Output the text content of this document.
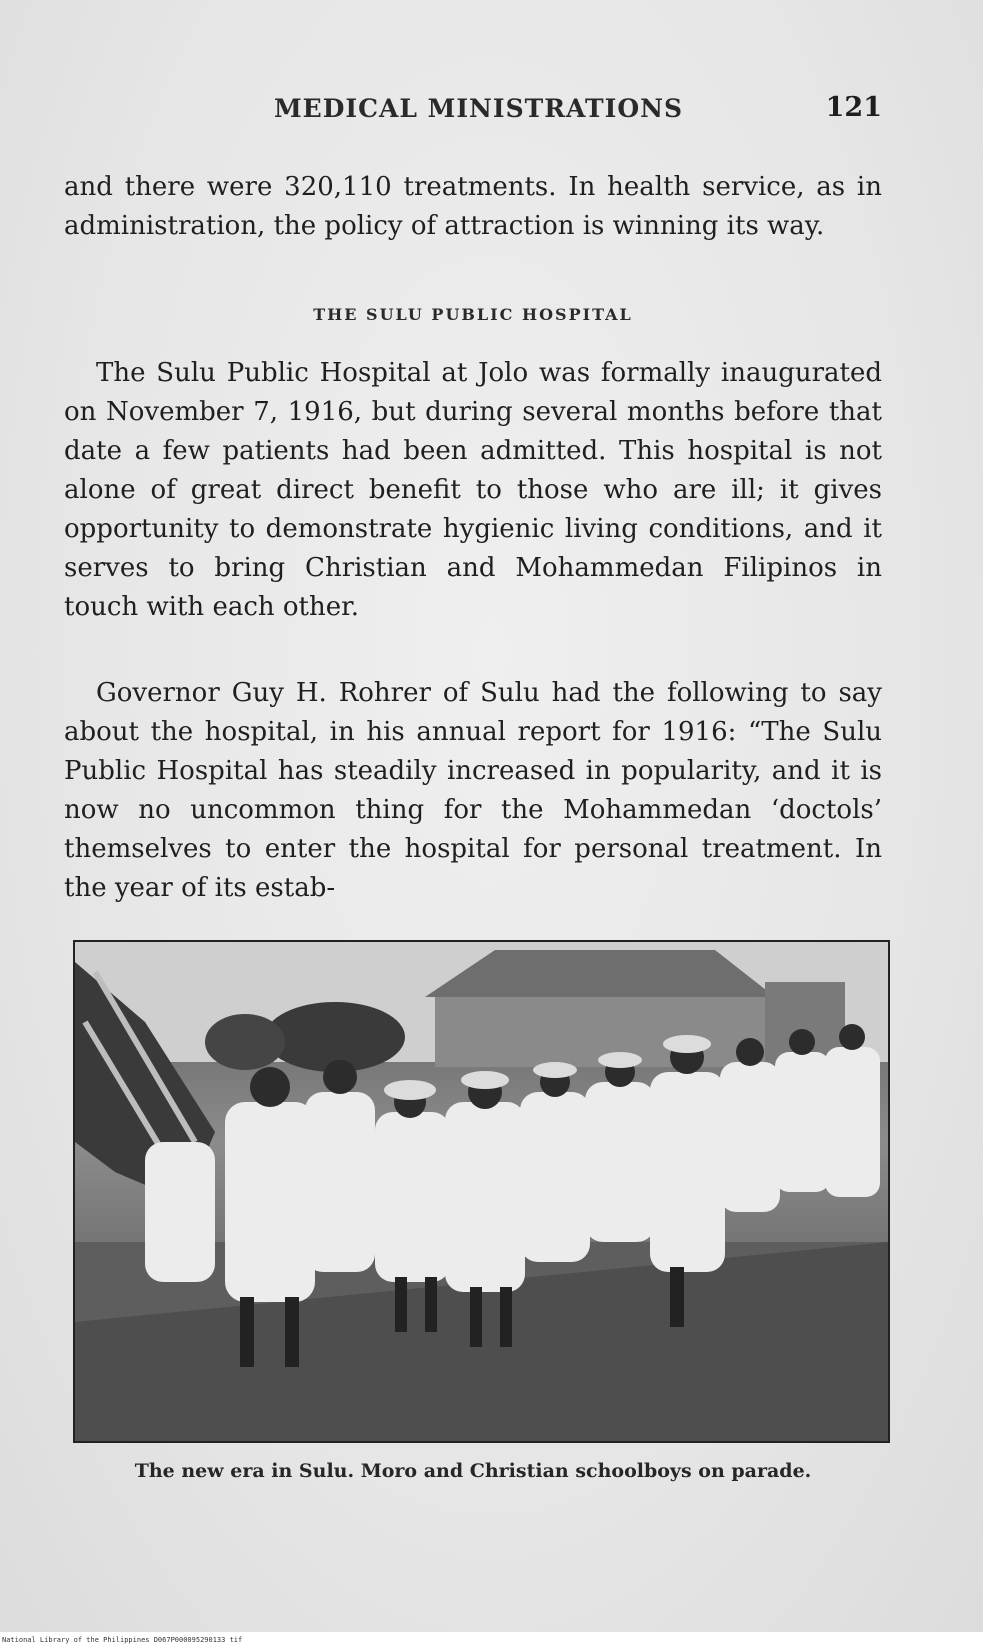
MEDICAL MINISTRATIONS	121

and there were 320,110 treatments. In health service, as in administration, the policy of attraction is winning its way.

THE SULU PUBLIC HOSPITAL

The Sulu Public Hospital at Jolo was formally inaugurated on November 7, 1916, but during several months before that date a few patients had been admitted. This hospital is not alone of great direct benefit to those who are ill; it gives opportunity to demonstrate hygienic living conditions, and it serves to bring Christian and Mohammedan Filipinos in touch with each other.

Governor Guy H. Rohrer of Sulu had the following to say about the hospital, in his annual report for 1916: “The Sulu Public Hospital has steadily increased in popularity, and it is now no uncommon thing for the Mohammedan ‘doctols’ themselves to enter the hospital for personal treatment. In the year of its estab-

The new era in Sulu. Moro and Christian schoolboys on parade.
National Library of the Philippines D067P000095290133 tif
